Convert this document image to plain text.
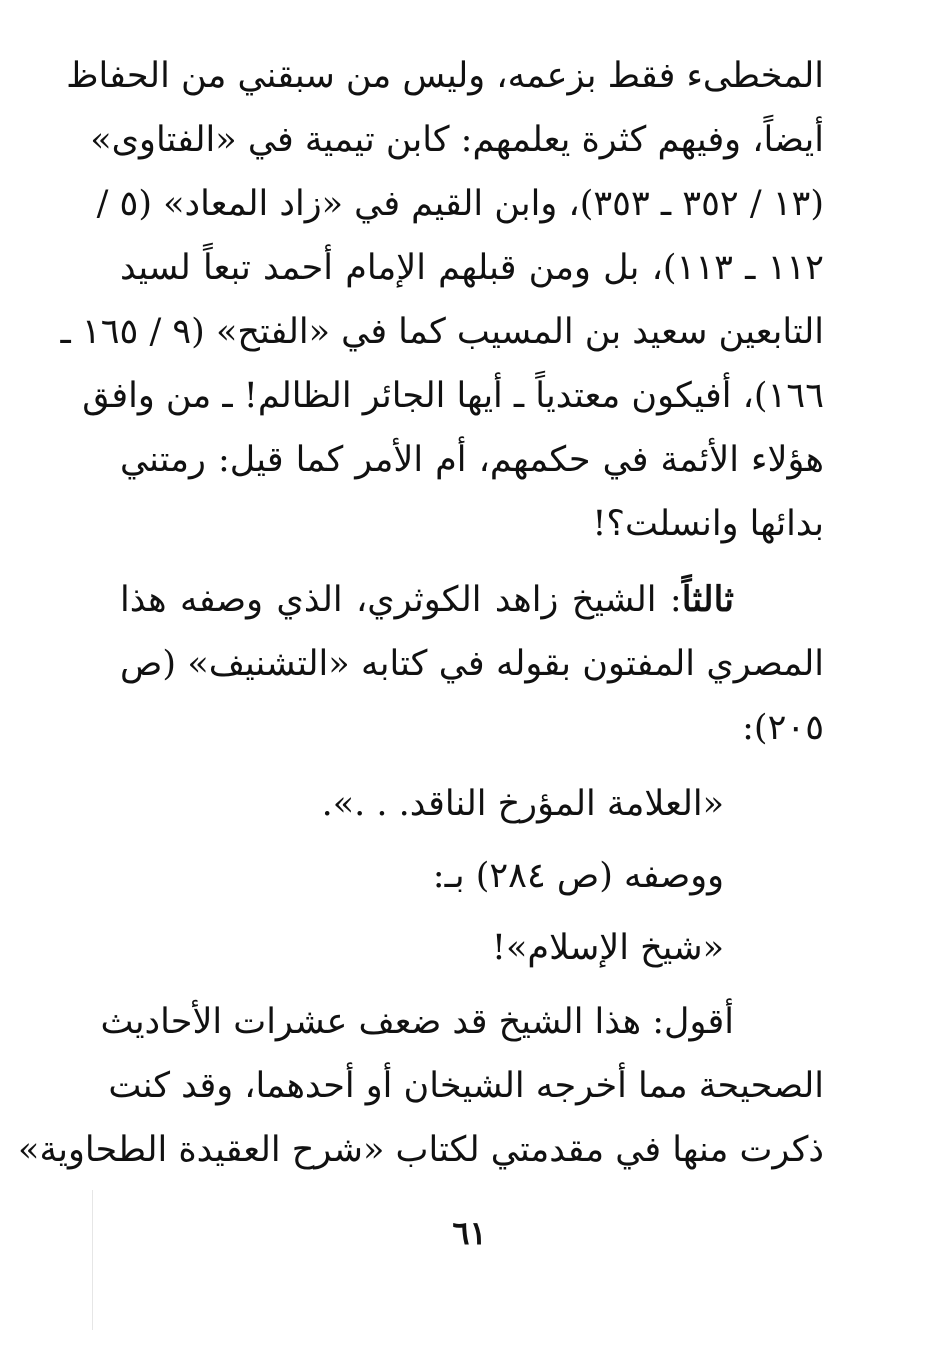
المخطىء فقط بزعمه، وليس من سبقني من الحفاظ
أيضاً، وفيهم كثرة يعلمهم: كابن تيمية في «الفتاوى»
(١٣ / ٣٥٢ ـ ٣٥٣)، وابن القيم في «زاد المعاد» (٥ /
١١٢ ـ ١١٣)، بل ومن قبلهم الإمام أحمد تبعاً لسيد
التابعين سعيد بن المسيب كما في «الفتح» (٩ / ١٦٥ ـ
١٦٦)، أفيكون معتدياً ـ أيها الجائر الظالم! ـ من وافق
هؤلاء الأئمة في حكمهم، أم الأمر كما قيل: رمتني
بدائها وانسلت؟!
ثالثاً: الشيخ زاهد الكوثري، الذي وصفه هذا
المصري المفتون بقوله في كتابه «التشنيف» (ص
٢٠٥):
«العلامة المؤرخ الناقد. . .».
ووصفه (ص ٢٨٤) بـ:
«شيخ الإسلام»!
أقول: هذا الشيخ قد ضعف عشرات الأحاديث
الصحيحة مما أخرجه الشيخان أو أحدهما، وقد كنت
ذكرت منها في مقدمتي لكتاب «شرح العقيدة الطحاوية»
٦١
